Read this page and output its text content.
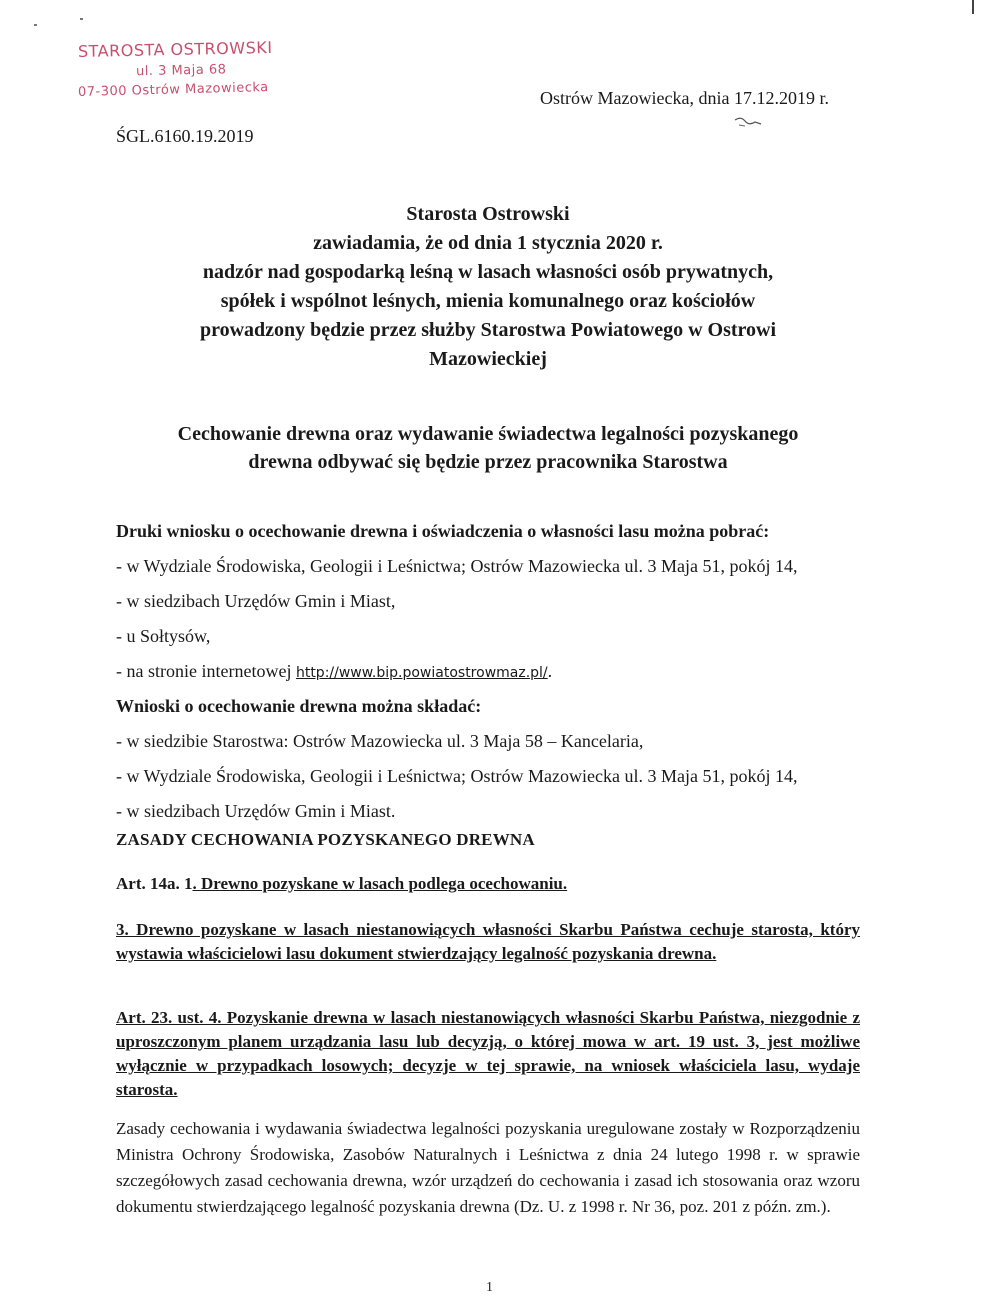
STAROSTA OSTROWSKI
ul. 3 Maja 68
07-300 Ostrów Mazowiecka	Ostrów Mazowiecka, dnia 17.12.2019 r.
ŚGL.6160.19.2019
Starosta Ostrowski
zawiadamia, że od dnia 1 stycznia 2020 r.
nadzór nad gospodarką leśną w lasach własności osób prywatnych,
spółek i wspólnot leśnych, mienia komunalnego oraz kościołów
prowadzony będzie przez służby Starostwa Powiatowego w Ostrowi
Mazowieckiej
Cechowanie drewna oraz wydawanie świadectwa legalności pozyskanego
drewna odbywać się będzie przez pracownika Starostwa
Druki wniosku o ocechowanie drewna i oświadczenia o własności lasu można pobrać:
- w Wydziale Środowiska, Geologii i Leśnictwa; Ostrów Mazowiecka ul. 3 Maja 51, pokój 14,
- w siedzibach Urzędów Gmin i Miast,
- u Sołtysów,
- na stronie internetowej http://www.bip.powiatostrowmaz.pl/.
Wnioski o ocechowanie drewna można składać:
- w siedzibie Starostwa: Ostrów Mazowiecka ul. 3 Maja 58 – Kancelaria,
- w Wydziale Środowiska, Geologii i Leśnictwa; Ostrów Mazowiecka ul. 3 Maja 51, pokój 14,
- w siedzibach Urzędów Gmin i Miast.
ZASADY CECHOWANIA POZYSKANEGO DREWNA
Art. 14a. 1. Drewno pozyskane w lasach podlega ocechowaniu.
3. Drewno pozyskane w lasach niestanowiących własności Skarbu Państwa cechuje starosta, który wystawia właścicielowi lasu dokument stwierdzający legalność pozyskania drewna.
Art. 23. ust. 4. Pozyskanie drewna w lasach niestanowiących własności Skarbu Państwa, niezgodnie z uproszczonym planem urządzania lasu lub decyzją, o której mowa w art. 19 ust. 3, jest możliwe wyłącznie w przypadkach losowych; decyzje w tej sprawie, na wniosek właściciela lasu, wydaje starosta.
Zasady cechowania i wydawania świadectwa legalności pozyskania uregulowane zostały w Rozporządzeniu Ministra Ochrony Środowiska, Zasobów Naturalnych i Leśnictwa z dnia 24 lutego 1998 r. w sprawie szczegółowych zasad cechowania drewna, wzór urządzeń do cechowania i zasad ich stosowania oraz wzoru dokumentu stwierdzającego legalność pozyskania drewna (Dz. U. z 1998 r. Nr 36, poz. 201 z późn. zm.).
1
